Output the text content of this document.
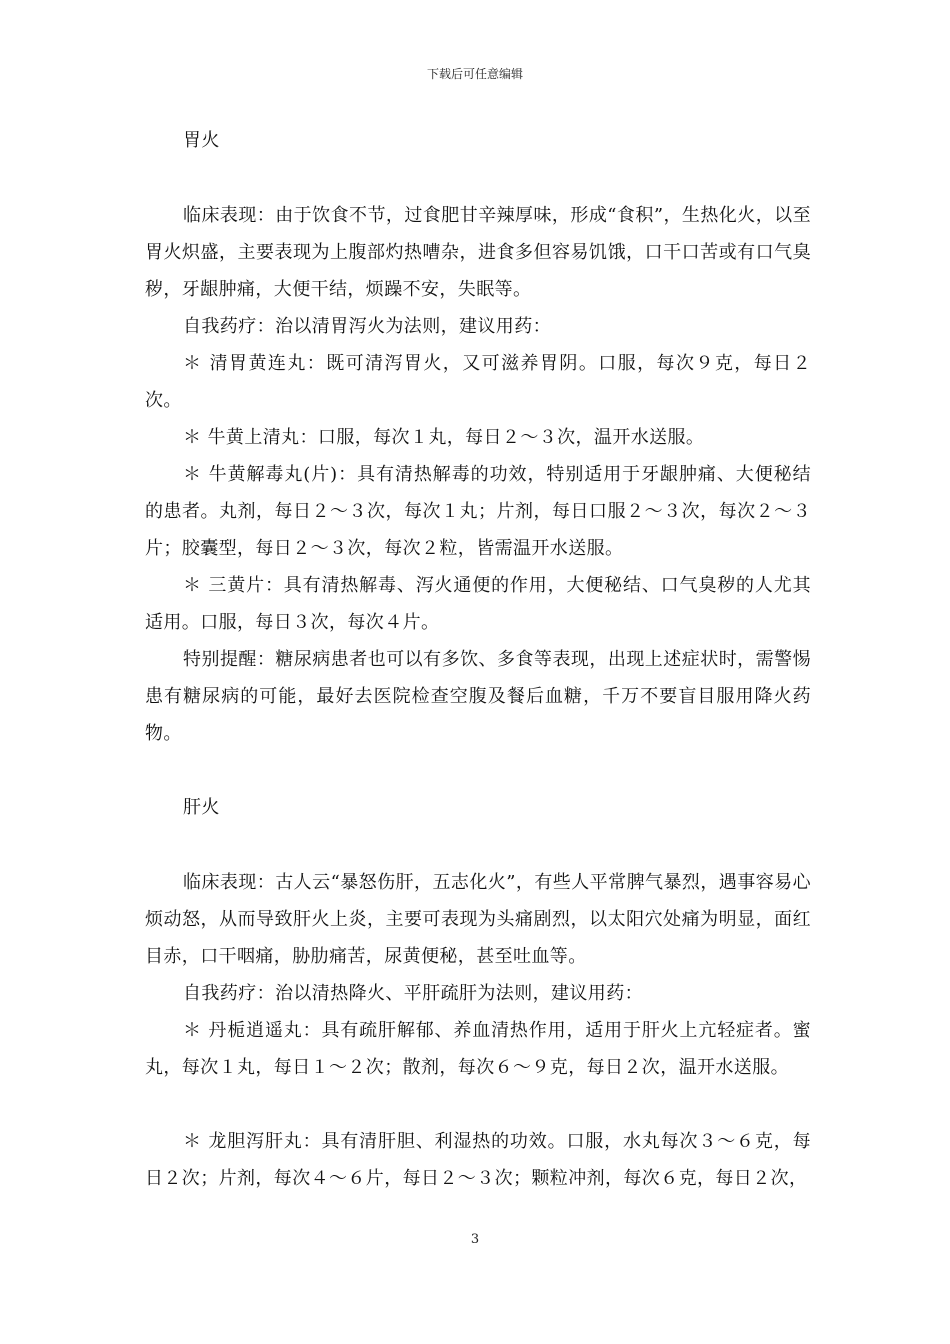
下载后可任意编辑

胃火

临床表现：由于饮食不节，过食肥甘辛辣厚味，形成“食积”，生热化火，以至胃火炽盛，主要表现为上腹部灼热嘈杂，进食多但容易饥饿，口干口苦或有口气臭秽，牙龈肿痛，大便干结，烦躁不安，失眠等。

自我药疗：治以清胃泻火为法则，建议用药：

＊ 清胃黄连丸：既可清泻胃火，又可滋养胃阴。口服，每次９克，每日２次。

＊ 牛黄上清丸：口服，每次１丸，每日２～３次，温开水送服。

＊ 牛黄解毒丸(片)：具有清热解毒的功效，特别适用于牙龈肿痛、大便秘结的患者。丸剂，每日２～３次，每次１丸；片剂，每日口服２～３次，每次２～３片；胶囊型，每日２～３次，每次２粒，皆需温开水送服。

＊ 三黄片：具有清热解毒、泻火通便的作用，大便秘结、口气臭秽的人尤其适用。口服，每日３次，每次４片。

特别提醒：糖尿病患者也可以有多饮、多食等表现，出现上述症状时，需警惕患有糖尿病的可能，最好去医院检查空腹及餐后血糖，千万不要盲目服用降火药物。

肝火

临床表现：古人云“暴怒伤肝，五志化火”，有些人平常脾气暴烈，遇事容易心烦动怒，从而导致肝火上炎，主要可表现为头痛剧烈，以太阳穴处痛为明显，面红目赤，口干咽痛，胁肋痛苦，尿黄便秘，甚至吐血等。

自我药疗：治以清热降火、平肝疏肝为法则，建议用药：

＊ 丹栀逍遥丸：具有疏肝解郁、养血清热作用，适用于肝火上亢轻症者。蜜丸，每次１丸，每日１～２次；散剂，每次６～９克，每日２次，温开水送服。

＊ 龙胆泻肝丸：具有清肝胆、利湿热的功效。口服，水丸每次３～６克，每日２次；片剂，每次４～６片，每日２～３次；颗粒冲剂，每次６克，每日２次，

3
